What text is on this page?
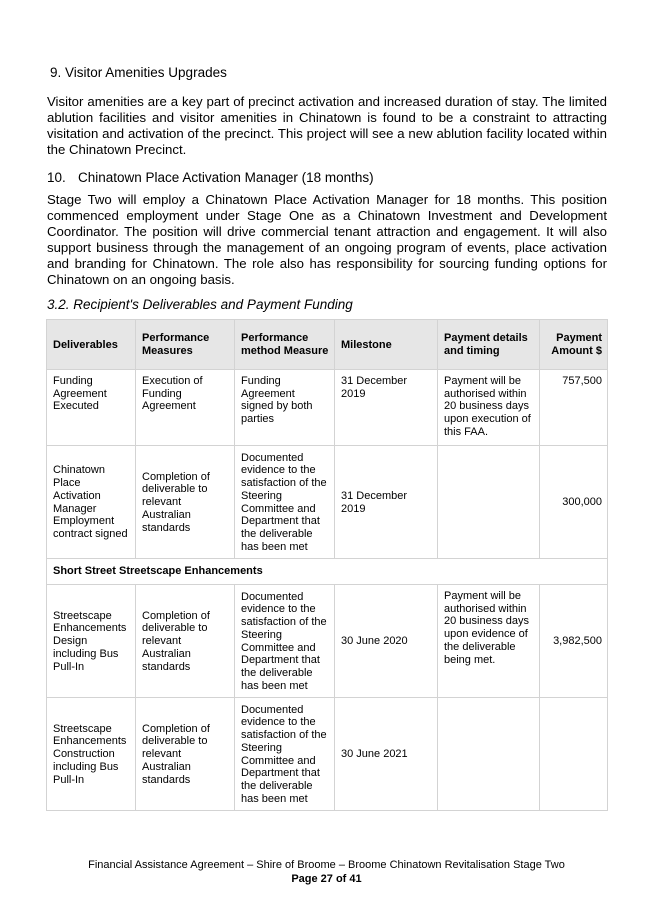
9. Visitor Amenities Upgrades
Visitor amenities are a key part of precinct activation and increased duration of stay. The limited ablution facilities and visitor amenities in Chinatown is found to be a constraint to attracting visitation and activation of the precinct. This project will see a new ablution facility located within the Chinatown Precinct.
10. Chinatown Place Activation Manager (18 months)
Stage Two will employ a Chinatown Place Activation Manager for 18 months. This position commenced employment under Stage One as a Chinatown Investment and Development Coordinator. The position will drive commercial tenant attraction and engagement. It will also support business through the management of an ongoing program of events, place activation and branding for Chinatown. The role also has responsibility for sourcing funding options for Chinatown on an ongoing basis.
3.2. Recipient's Deliverables and Payment Funding
Deliverables	Performance Measures	Performance method Measure	Milestone	Payment details and timing	Payment Amount $
Funding Agreement Executed	Execution of Funding Agreement	Funding Agreement signed by both parties	31 December 2019	Payment will be authorised within 20 business days upon execution of this FAA.	757,500
Chinatown Place Activation Manager Employment contract signed	Completion of deliverable to relevant Australian standards	Documented evidence to the satisfaction of the Steering Committee and Department that the deliverable has been met	31 December 2019		300,000
Short Street Streetscape Enhancements					
Streetscape Enhancements Design including Bus Pull-In	Completion of deliverable to relevant Australian standards	Documented evidence to the satisfaction of the Steering Committee and Department that the deliverable has been met	30 June 2020	Payment will be authorised within 20 business days upon evidence of the deliverable being met.	3,982,500
Streetscape Enhancements Construction including Bus Pull-In	Completion of deliverable to relevant Australian standards	Documented evidence to the satisfaction of the Steering Committee and Department that the deliverable has been met	30 June 2021		
Financial Assistance Agreement – Shire of Broome – Broome Chinatown Revitalisation Stage Two
Page 27 of 41
